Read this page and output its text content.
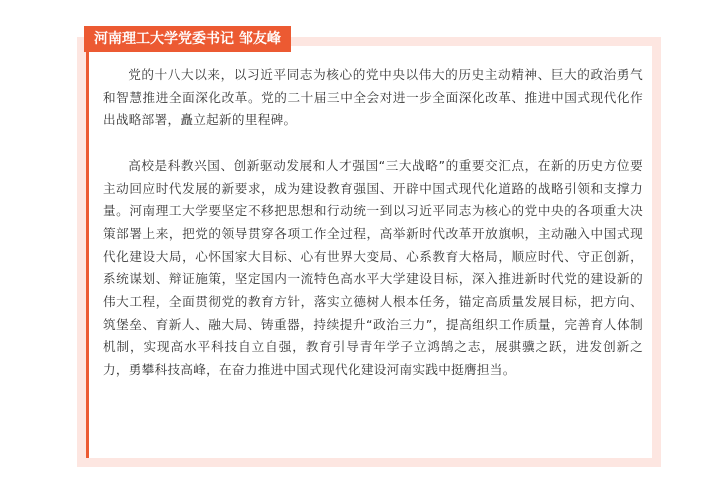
河南理工大学党委书记 邹友峰

党的十八大以来，以习近平同志为核心的党中央以伟大的历史主动精神、巨大的政治勇气和智慧推进全面深化改革。党的二十届三中全会对进一步全面深化改革、推进中国式现代化作出战略部署，矗立起新的里程碑。

高校是科教兴国、创新驱动发展和人才强国“三大战略”的重要交汇点，在新的历史方位要主动回应时代发展的新要求，成为建设教育强国、开辟中国式现代化道路的战略引领和支撑力量。河南理工大学要坚定不移把思想和行动统一到以习近平同志为核心的党中央的各项重大决策部署上来，把党的领导贯穿各项工作全过程，高举新时代改革开放旗帜，主动融入中国式现代化建设大局，心怀国家大目标、心有世界大变局、心系教育大格局，顺应时代、守正创新，系统谋划、辩证施策，坚定国内一流特色高水平大学建设目标，深入推进新时代党的建设新的伟大工程，全面贯彻党的教育方针，落实立德树人根本任务，锚定高质量发展目标，把方向、筑堡垒、育新人、融大局、铸重器，持续提升“政治三力”，提高组织工作质量，完善育人体制机制，实现高水平科技自立自强，教育引导青年学子立鸿鹄之志，展骐骥之跃，进发创新之力，勇攀科技高峰，在奋力推进中国式现代化建设河南实践中挺膺担当。
